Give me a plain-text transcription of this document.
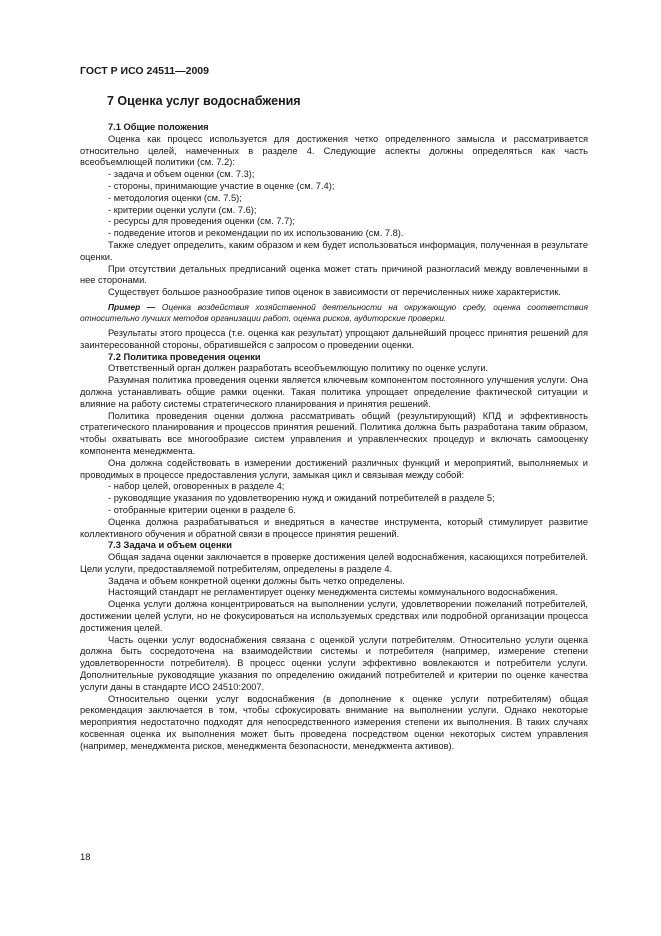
ГОСТ Р ИСО 24511—2009
7 Оценка услуг водоснабжения
7.1 Общие положения

Оценка как процесс используется для достижения четко определенного замысла и рассматривается относительно целей, намеченных в разделе 4. Следующие аспекты должны определяться как часть всеобъемлющей политики (см. 7.2):

- задача и объем оценки (см. 7.3);
- стороны, принимающие участие в оценке (см. 7.4);
- методология оценки (см. 7.5);
- критерии оценки услуги (см. 7.6);
- ресурсы для проведения оценки (см. 7.7);
- подведение итогов и рекомендации по их использованию (см. 7.8).

Также следует определить, каким образом и кем будет использоваться информация, полученная в результате оценки.

При отсутствии детальных предписаний оценка может стать причиной разногласий между вовлеченными в нее сторонами.

Существует большое разнообразие типов оценок в зависимости от перечисленных ниже характеристик.

Пример — Оценка воздействия хозяйственной деятельности на окружающую среду, оценка соответствия относительно лучших методов организации работ, оценка рисков, аудиторские проверки.

Результаты этого процесса (т.е. оценка как результат) упрощают дальнейший процесс принятия решений для заинтересованной стороны, обратившейся с запросом о проведении оценки.

7.2 Политика проведения оценки

Ответственный орган должен разработать всеобъемлющую политику по оценке услуги.

Разумная политика проведения оценки является ключевым компонентом постоянного улучшения услуги. Она должна устанавливать общие рамки оценки. Такая политика упрощает определение фактической ситуации и влияние на работу системы стратегического планирования и принятия решений.

Политика проведения оценки должна рассматривать общий (результирующий) КПД и эффективность стратегического планирования и процессов принятия решений. Политика должна быть разработана таким образом, чтобы охватывать все многообразие систем управления и управленческих процедур и включать самооценку компонента менеджмента.

Она должна содействовать в измерении достижений различных функций и мероприятий, выполняемых и проводимых в процессе предоставления услуги, замыкая цикл и связывая между собой:

- набор целей, оговоренных в разделе 4;
- руководящие указания по удовлетворению нужд и ожиданий потребителей в разделе 5;
- отобранные критерии оценки в разделе 6.

Оценка должна разрабатываться и внедряться в качестве инструмента, который стимулирует развитие коллективного обучения и обратной связи в процессе принятия решений.

7.3 Задача и объем оценки

Общая задача оценки заключается в проверке достижения целей водоснабжения, касающихся потребителей. Цели услуги, предоставляемой потребителям, определены в разделе 4.

Задача и объем конкретной оценки должны быть четко определены.

Настоящий стандарт не регламентирует оценку менеджмента системы коммунального водоснабжения.

Оценка услуги должна концентрироваться на выполнении услуги, удовлетворении пожеланий потребителей, достижении целей услуги, но не фокусироваться на используемых средствах или подробной организации процесса достижения целей.

Часть оценки услуг водоснабжения связана с оценкой услуги потребителям. Относительно услуги оценка должна быть сосредоточена на взаимодействии системы и потребителя (например, измерение степени удовлетворенности потребителя). В процесс оценки услуги эффективно вовлекаются и потребители услуги. Дополнительные руководящие указания по определению ожиданий потребителей и критерии по оценке качества услуги даны в стандарте ИСО 24510:2007.

Относительно оценки услуг водоснабжения (в дополнение к оценке услуги потребителям) общая рекомендация заключается в том, чтобы сфокусировать внимание на выполнении услуги. Однако некоторые мероприятия недостаточно подходят для непосредственного измерения степени их выполнения. В таких случаях косвенная оценка их выполнения может быть проведена посредством оценки некоторых систем управления (например, менеджмента рисков, менеджмента безопасности, менеджмента активов).

18
